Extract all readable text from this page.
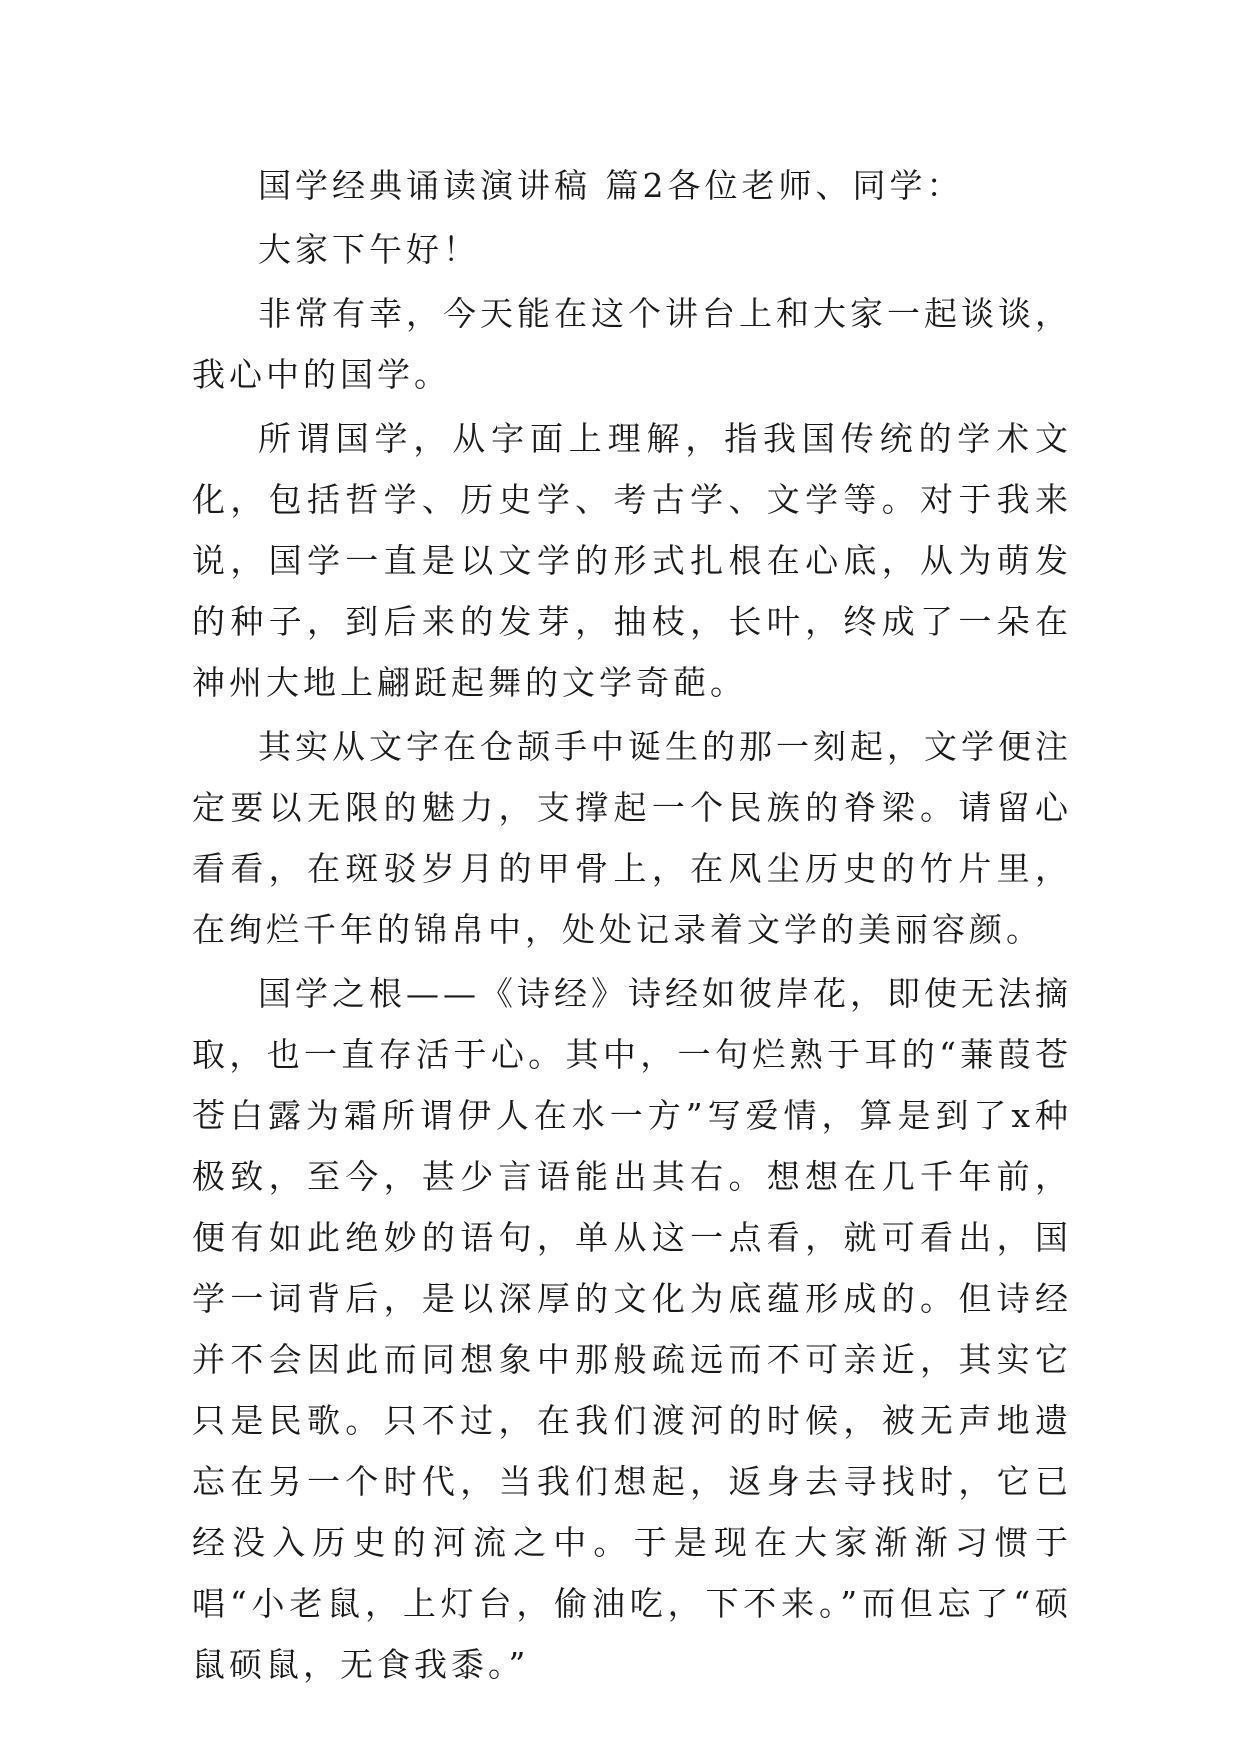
国学经典诵读演讲稿 篇2各位老师、同学：

大家下午好！

非常有幸，今天能在这个讲台上和大家一起谈谈，我心中的国学。

所谓国学，从字面上理解，指我国传统的学术文化，包括哲学、历史学、考古学、文学等。对于我来说，国学一直是以文学的形式扎根在心底，从为萌发的种子，到后来的发芽，抽枝，长叶，终成了一朵在神州大地上翩跹起舞的文学奇葩。

其实从文字在仓颉手中诞生的那一刻起，文学便注定要以无限的魅力，支撑起一个民族的脊梁。请留心看看，在斑驳岁月的甲骨上，在风尘历史的竹片里，在绚烂千年的锦帛中，处处记录着文学的美丽容颜。

国学之根——《诗经》诗经如彼岸花，即使无法摘取，也一直存活于心。其中，一句烂熟于耳的“蒹葭苍苍白露为霜所谓伊人在水一方”写爱情，算是到了x种极致，至今，甚少言语能出其右。想想在几千年前，便有如此绝妙的语句，单从这一点看，就可看出，国学一词背后，是以深厚的文化为底蕴形成的。但诗经并不会因此而同想象中那般疏远而不可亲近，其实它只是民歌。只不过，在我们渡河的时候，被无声地遗忘在另一个时代，当我们想起，返身去寻找时，它已经没入历史的河流之中。于是现在大家渐渐习惯于唱“小老鼠，上灯台，偷油吃，下不来。”而但忘了“硕鼠硕鼠，无食我黍。”
